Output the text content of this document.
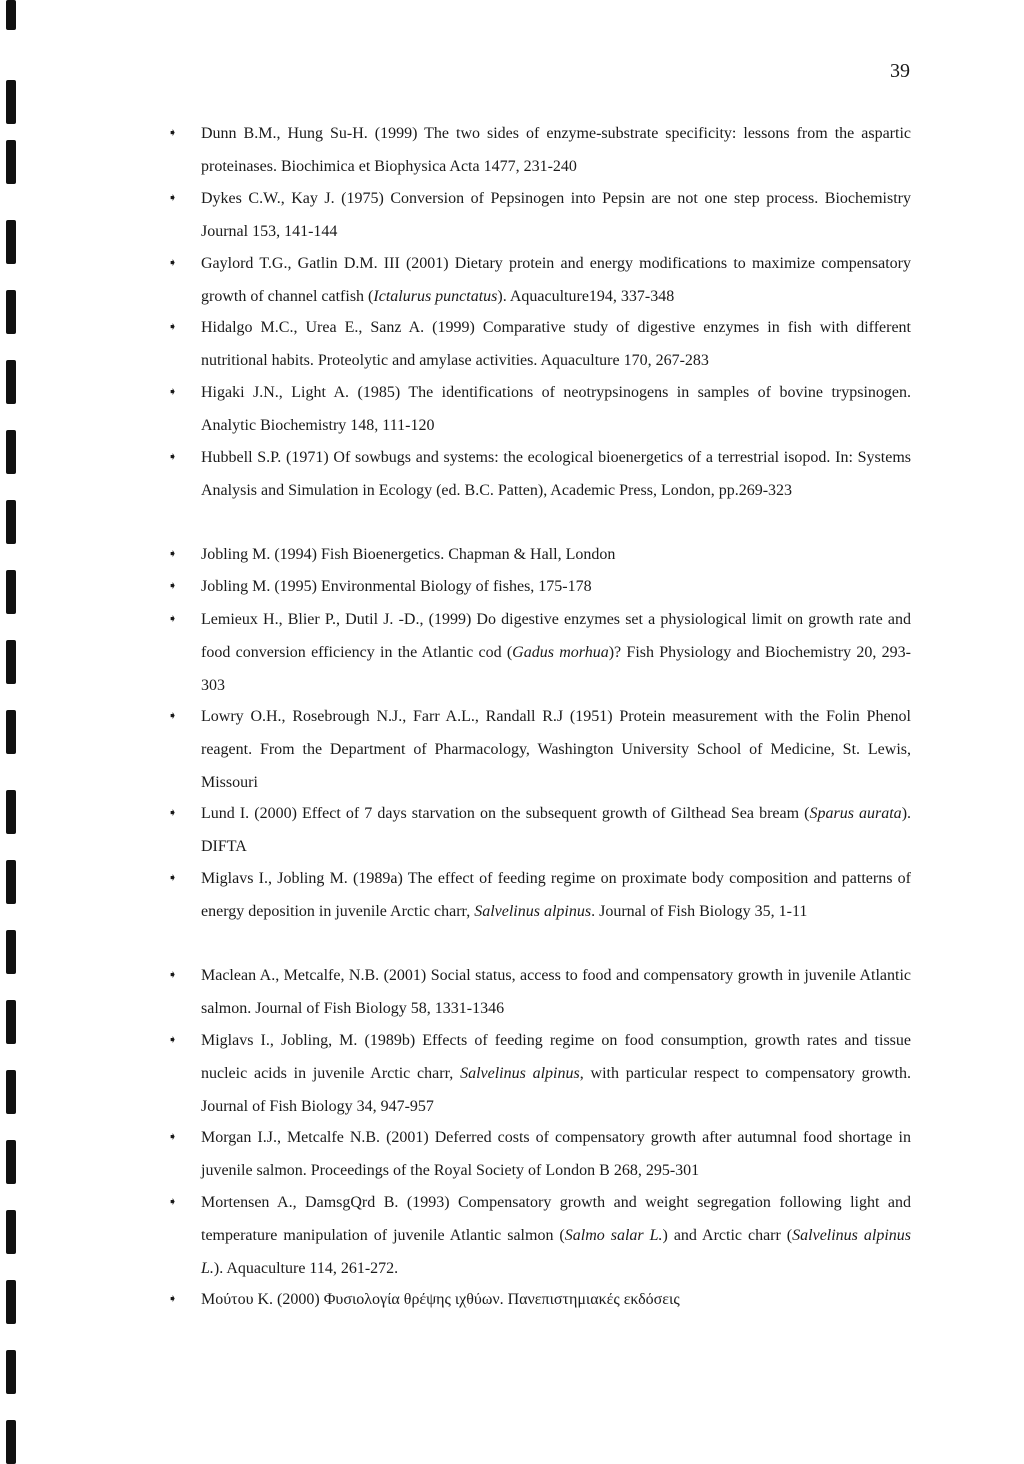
39
➧ Dunn B.M., Hung Su-H. (1999) The two sides of enzyme-substrate specificity: lessons from the aspartic proteinases. Biochimica et Biophysica Acta 1477, 231-240
➧ Dykes C.W., Kay J. (1975) Conversion of Pepsinogen into Pepsin are not one step process. Biochemistry Journal 153, 141-144
➧ Gaylord T.G., Gatlin D.M. III (2001) Dietary protein and energy modifications to maximize compensatory growth of channel catfish (Ictalurus punctatus). Aquaculture194, 337-348
➧ Hidalgo M.C., Urea E., Sanz A. (1999) Comparative study of digestive enzymes in fish with different nutritional habits. Proteolytic and amylase activities. Aquaculture 170, 267-283
➧ Higaki J.N., Light A. (1985) The identifications of neotrypsinogens in samples of bovine trypsinogen. Analytic Biochemistry 148, 111-120
➧ Hubbell S.P. (1971) Of sowbugs and systems: the ecological bioenergetics of a terrestrial isopod. In: Systems Analysis and Simulation in Ecology (ed. B.C. Patten), Academic Press, London, pp.269-323
➧ Jobling M. (1994) Fish Bioenergetics. Chapman & Hall, London
➧ Jobling M. (1995) Environmental Biology of fishes, 175-178
➧ Lemieux H., Blier P., Dutil J. -D., (1999) Do digestive enzymes set a physiological limit on growth rate and food conversion efficiency in the Atlantic cod (Gadus morhua)? Fish Physiology and Biochemistry 20, 293-303
➧ Lowry O.H., Rosebrough N.J., Farr A.L., Randall R.J (1951) Protein measurement with the Folin Phenol reagent. From the Department of Pharmacology, Washington University School of Medicine, St. Lewis, Missouri
➧ Lund I. (2000) Effect of 7 days starvation on the subsequent growth of Gilthead Sea bream (Sparus aurata). DIFTA
➧ Miglavs I., Jobling M. (1989a) The effect of feeding regime on proximate body composition and patterns of energy deposition in juvenile Arctic charr, Salvelinus alpinus. Journal of Fish Biology 35, 1-11
➧ Maclean A., Metcalfe, N.B. (2001) Social status, access to food and compensatory growth in juvenile Atlantic salmon. Journal of Fish Biology 58, 1331-1346
➧ Miglavs I., Jobling, M. (1989b) Effects of feeding regime on food consumption, growth rates and tissue nucleic acids in juvenile Arctic charr, Salvelinus alpinus, with particular respect to compensatory growth. Journal of Fish Biology 34, 947-957
➧ Morgan I.J., Metcalfe N.B. (2001) Deferred costs of compensatory growth after autumnal food shortage in juvenile salmon. Proceedings of the Royal Society of London B 268, 295-301
➧ Mortensen A., DamsgQrd B. (1993) Compensatory growth and weight segregation following light and temperature manipulation of juvenile Atlantic salmon (Salmo salar L.) and Arctic charr (Salvelinus alpinus L.). Aquaculture 114, 261-272.
➧ Μούτου Κ. (2000) Φυσιολογία θρέψης ιχθύων. Πανεπιστημιακές εκδόσεις
